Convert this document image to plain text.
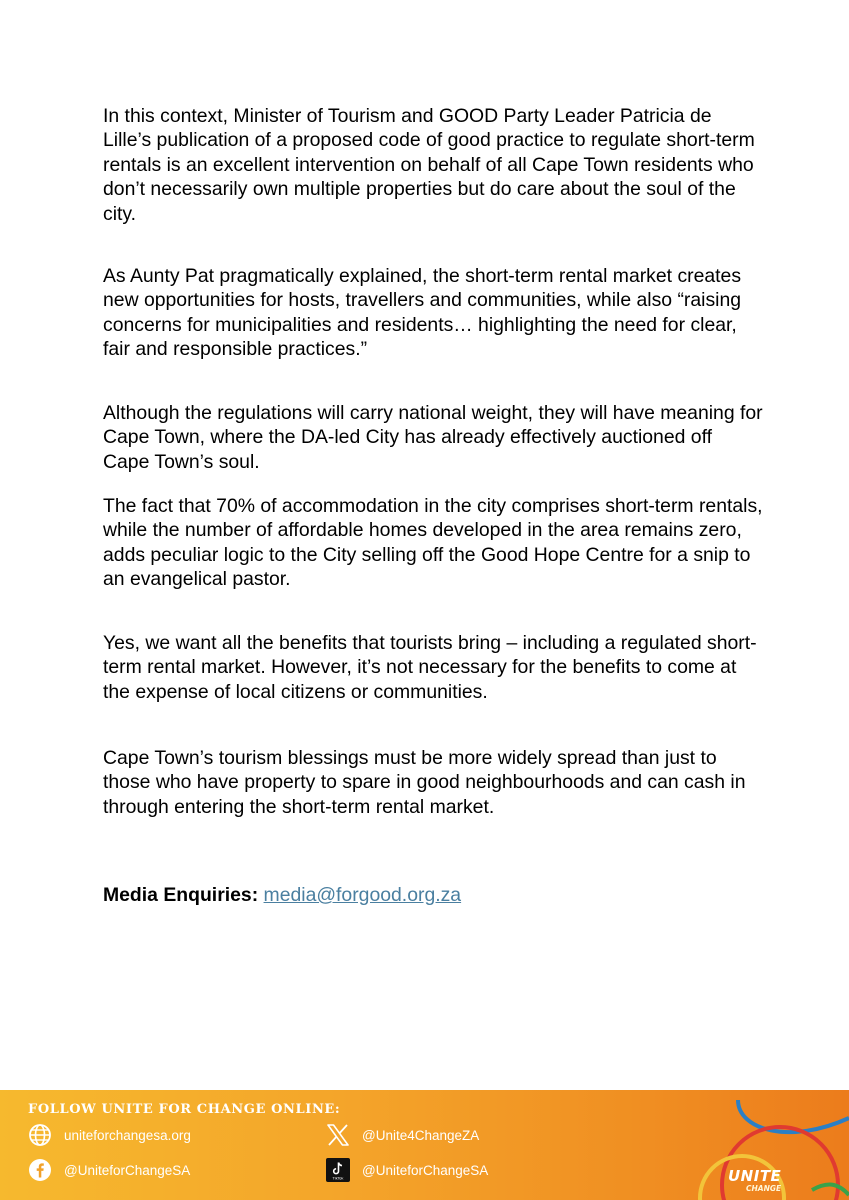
In this context, Minister of Tourism and GOOD Party Leader Patricia de Lille’s publication of a proposed code of good practice to regulate short-term rentals is an excellent intervention on behalf of all Cape Town residents who don’t necessarily own multiple properties but do care about the soul of the city.

As Aunty Pat pragmatically explained, the short-term rental market creates new opportunities for hosts, travellers and communities, while also “raising concerns for municipalities and residents… highlighting the need for clear, fair and responsible practices.”

Although the regulations will carry national weight, they will have meaning for Cape Town, where the DA-led City has already effectively auctioned off Cape Town’s soul.

The fact that 70% of accommodation in the city comprises short-term rentals, while the number of affordable homes developed in the area remains zero, adds peculiar logic to the City selling off the Good Hope Centre for a snip to an evangelical pastor.

Yes, we want all the benefits that tourists bring – including a regulated short-term rental market. However, it’s not necessary for the benefits to come at the expense of local citizens or communities.

Cape Town’s tourism blessings must be more widely spread than just to those who have property to spare in good neighbourhoods and can cash in through entering the short-term rental market.

Media Enquiries: media@forgood.org.za
FOLLOW UNITE FOR CHANGE ONLINE:
uniteforchangesa.org
@UniteforChangeSA
@Unite4ChangeZA
TikTok
@UniteforChangeSA	UNITE
CHANGE
